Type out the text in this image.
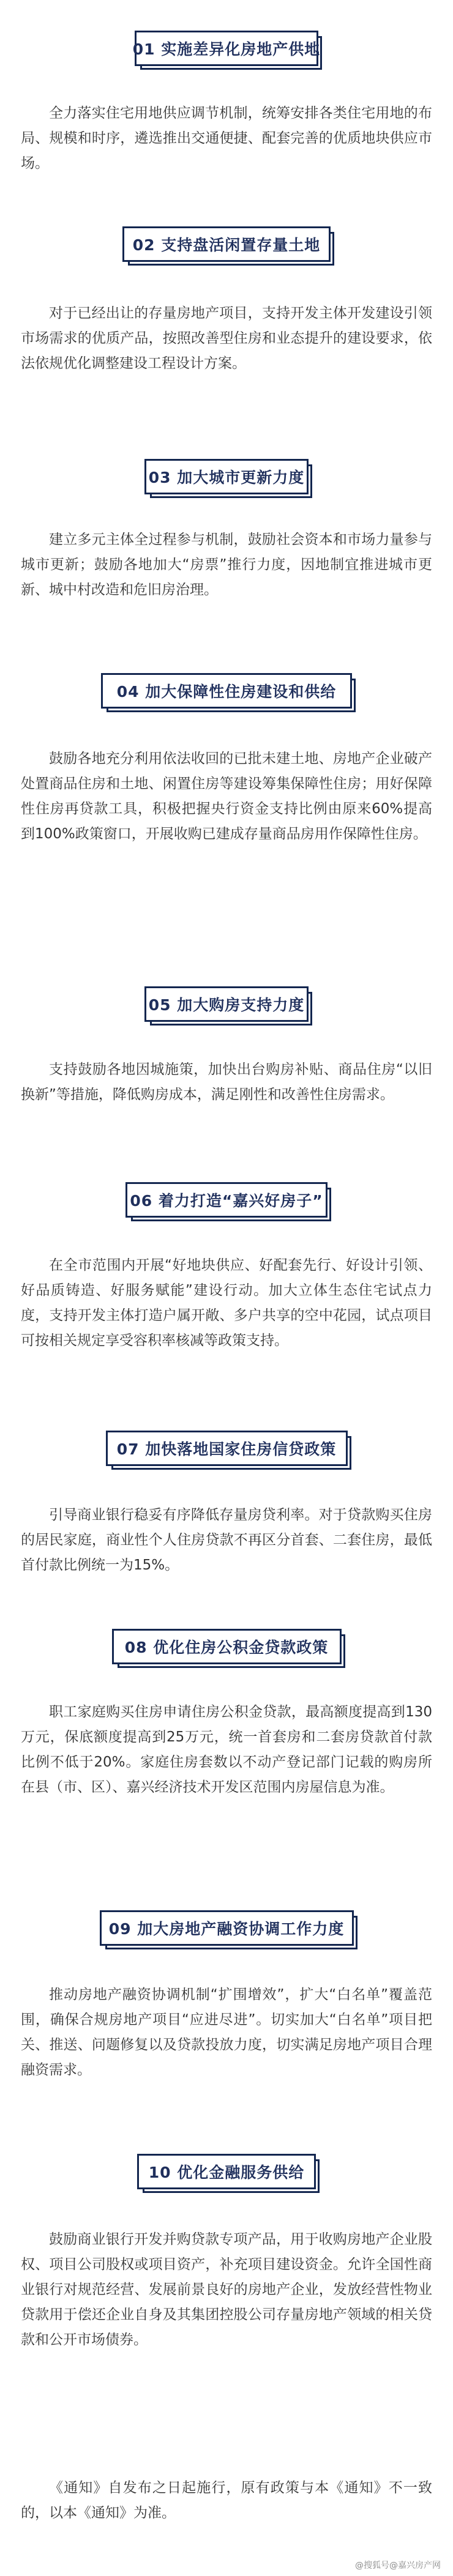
01 实施差异化房地产供地

全力落实住宅用地供应调节机制，统筹安排各类住宅用地的布局、规模和时序，遴选推出交通便捷、配套完善的优质地块供应市场。

02 支持盘活闲置存量土地

对于已经出让的存量房地产项目，支持开发主体开发建设引领市场需求的优质产品，按照改善型住房和业态提升的建设要求，依法依规优化调整建设工程设计方案。

03 加大城市更新力度

建立多元主体全过程参与机制，鼓励社会资本和市场力量参与城市更新；鼓励各地加大“房票”推行力度，因地制宜推进城市更新、城中村改造和危旧房治理。

04 加大保障性住房建设和供给

鼓励各地充分利用依法收回的已批未建土地、房地产企业破产处置商品住房和土地、闲置住房等建设筹集保障性住房；用好保障性住房再贷款工具，积极把握央行资金支持比例由原来60%提高到100%政策窗口，开展收购已建成存量商品房用作保障性住房。

05 加大购房支持力度

支持鼓励各地因城施策，加快出台购房补贴、商品住房“以旧换新”等措施，降低购房成本，满足刚性和改善性住房需求。

06 着力打造“嘉兴好房子”

在全市范围内开展“好地块供应、好配套先行、好设计引领、好品质铸造、好服务赋能”建设行动。加大立体生态住宅试点力度，支持开发主体打造户属开敞、多户共享的空中花园，试点项目可按相关规定享受容积率核减等政策支持。

07 加快落地国家住房信贷政策

引导商业银行稳妥有序降低存量房贷利率。对于贷款购买住房的居民家庭，商业性个人住房贷款不再区分首套、二套住房，最低首付款比例统一为15%。

08 优化住房公积金贷款政策

职工家庭购买住房申请住房公积金贷款，最高额度提高到130万元，保底额度提高到25万元，统一首套房和二套房贷款首付款比例不低于20%。家庭住房套数以不动产登记部门记载的购房所在县（市、区）、嘉兴经济技术开发区范围内房屋信息为准。

09 加大房地产融资协调工作力度

推动房地产融资协调机制“扩围增效”，扩大“白名单”覆盖范围，确保合规房地产项目“应进尽进”。切实加大“白名单”项目把关、推送、问题修复以及贷款投放力度，切实满足房地产项目合理融资需求。

10 优化金融服务供给

鼓励商业银行开发并购贷款专项产品，用于收购房地产企业股权、项目公司股权或项目资产，补充项目建设资金。允许全国性商业银行对规范经营、发展前景良好的房地产企业，发放经营性物业贷款用于偿还企业自身及其集团控股公司存量房地产领域的相关贷款和公开市场债券。

《通知》自发布之日起施行，原有政策与本《通知》不一致的，以本《通知》为准。

@搜狐号@嘉兴房产网
